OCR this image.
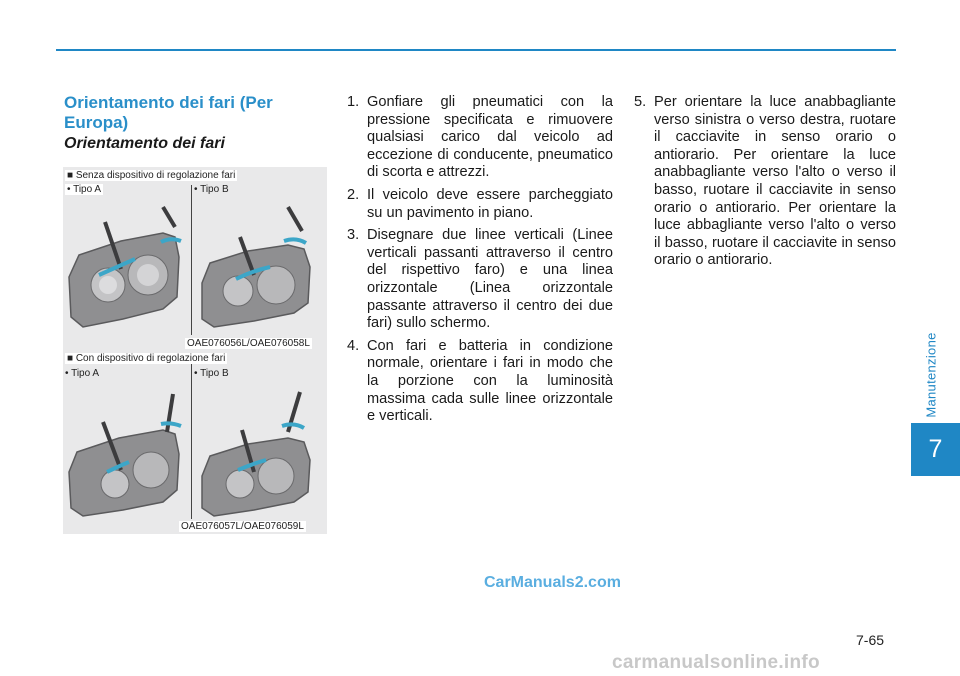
Manutenzione
7
Orientamento dei fari (Per Europa)
Orientamento dei fari
■ Senza dispositivo di regolazione fari
• Tipo A	• Tipo B
OAE076056L/OAE076058L
■ Con dispositivo di regolazione fari
• Tipo A	• Tipo B
OAE076057L/OAE076059L
1. Gonfiare gli pneumatici con la pressione specificata e rimuovere qualsiasi carico dal veicolo ad eccezione di conducente, pneumatico di scorta e attrezzi.
2. Il veicolo deve essere parcheggiato su un pavimento in piano.
3. Disegnare due linee verticali (Linee verticali passanti attraverso il centro del rispettivo faro) e una linea orizzontale (Linea orizzontale passante attraverso il centro dei due fari) sullo schermo.
4. Con fari e batteria in condizione normale, orientare i fari in modo che la porzione con la luminosità massima cada sulle linee orizzontale e verticali.
5. Per orientare la luce anabbagliante verso sinistra o verso destra, ruotare il cacciavite in senso orario o antiorario. Per orientare la luce anabbagliante verso l'alto o verso il basso, ruotare il cacciavite in senso orario o antiorario. Per orientare la luce abbagliante verso l'alto o verso il basso, ruotare il cacciavite in senso orario o antiorario.
CarManuals2.com
7-65
carmanualsonline.info
